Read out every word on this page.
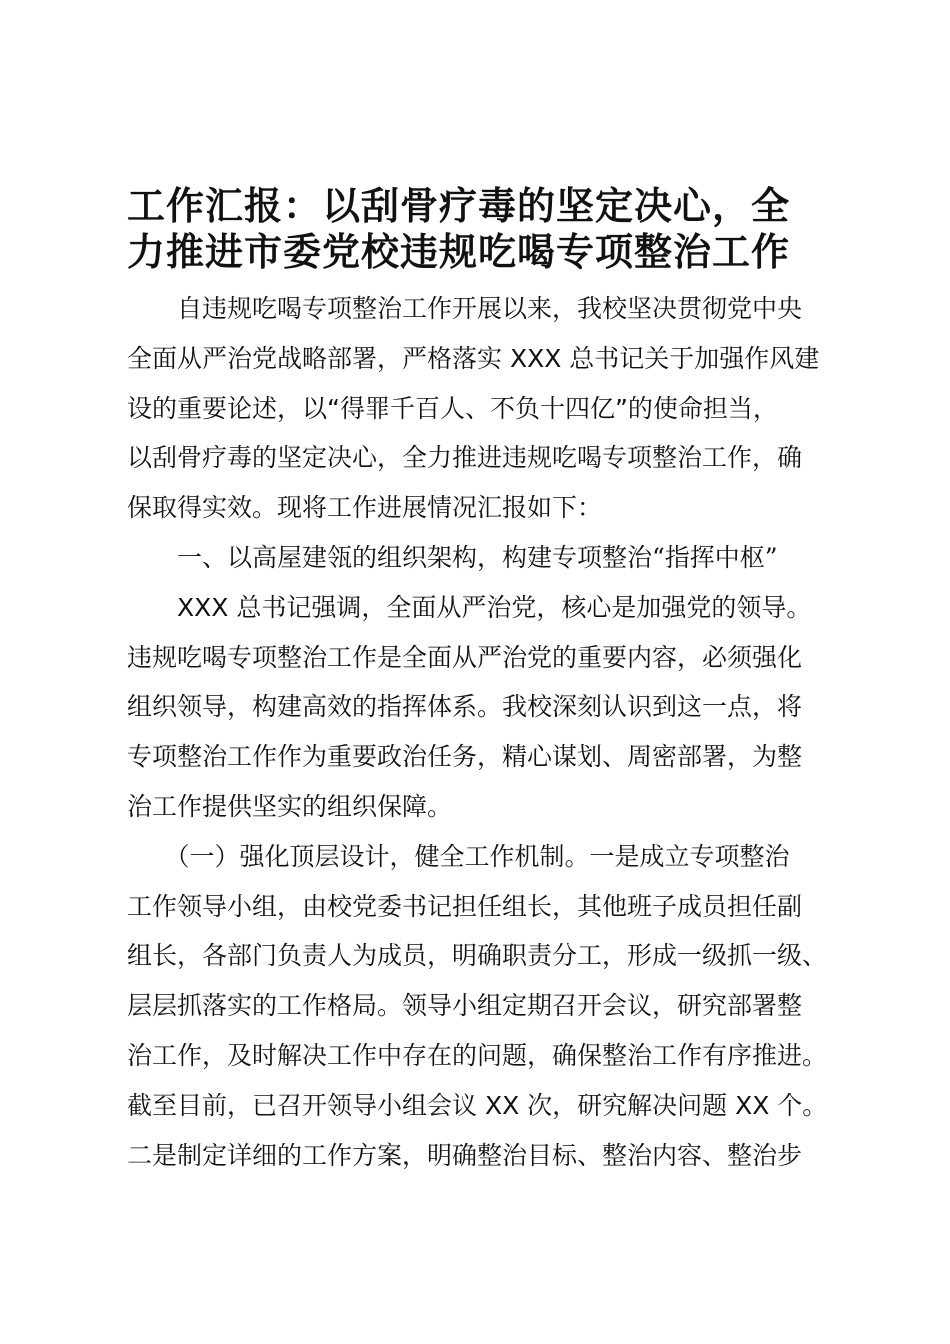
工作汇报：以刮骨疗毒的坚定决心，全
力推进市委党校违规吃喝专项整治工作
　　自违规吃喝专项整治工作开展以来，我校坚决贯彻党中央
全面从严治党战略部署，严格落实 XXX 总书记关于加强作风建
设的重要论述，以“得罪千百人、不负十四亿”的使命担当，
以刮骨疗毒的坚定决心，全力推进违规吃喝专项整治工作，确
保取得实效。现将工作进展情况汇报如下：
　　一、以高屋建瓴的组织架构，构建专项整治“指挥中枢”
　　XXX 总书记强调，全面从严治党，核心是加强党的领导。
违规吃喝专项整治工作是全面从严治党的重要内容，必须强化
组织领导，构建高效的指挥体系。我校深刻认识到这一点，将
专项整治工作作为重要政治任务，精心谋划、周密部署，为整
治工作提供坚实的组织保障。
　　（一）强化顶层设计，健全工作机制。一是成立专项整治
工作领导小组，由校党委书记担任组长，其他班子成员担任副
组长，各部门负责人为成员，明确职责分工，形成一级抓一级、
层层抓落实的工作格局。领导小组定期召开会议，研究部署整
治工作，及时解决工作中存在的问题，确保整治工作有序推进。
截至目前，已召开领导小组会议 XX 次，研究解决问题 XX 个。
二是制定详细的工作方案，明确整治目标、整治内容、整治步
